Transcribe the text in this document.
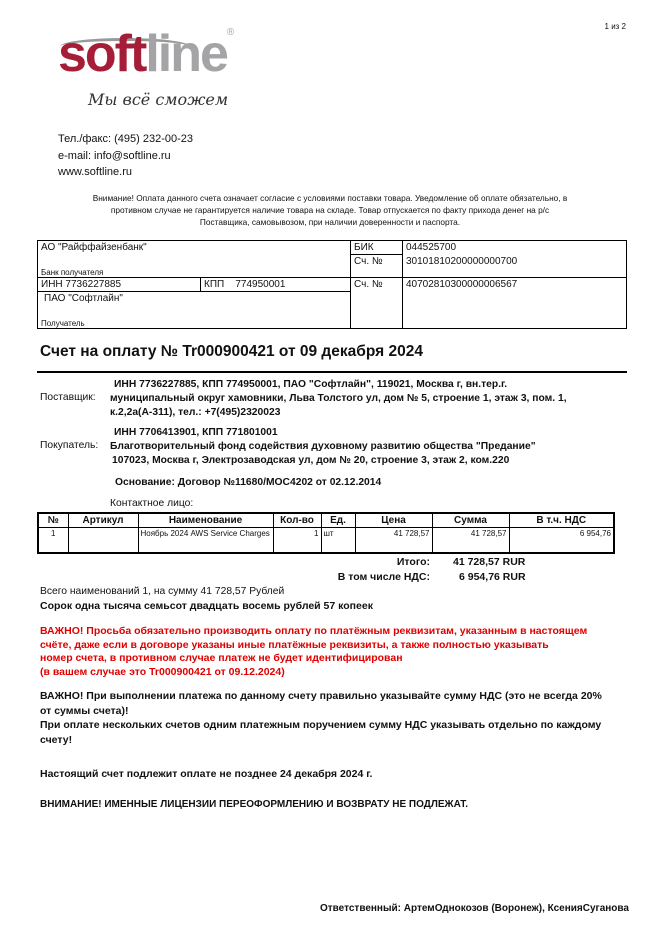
1 из 2
softline®
Мы всё сможем
Тел./факс: (495) 232-00-23
e-mail: info@softline.ru
www.softline.ru
Внимание! Оплата данного счета означает согласие с условиями поставки товара. Уведомление об оплате обязательно, в противном случае не гарантируется наличие товара на складе. Товар отпускается по факту прихода денег на р/с Поставщика, самовывозом, при наличии доверенности и паспорта.
АО "Райффайзенбанк"
Банк получателя		БИК	044525700
		Сч. №	30101810200000000700
ИНН 7736227885	КПП 774950001	Сч. №	40702810300000006567

ПАО "Софтлайн"
Получатель			
Счет на оплату № Tr000900421 от 09 декабря 2024
Поставщик:
ИНН 7736227885, КПП 774950001, ПАО "Софтлайн", 119021, Москва г, вн.тер.г.
муниципальный округ хамовники, Льва Толстого ул, дом № 5, строение 1, этаж 3, пом. 1,
к.2,2а(А-311), тел.: +7(495)2320023
Покупатель:
ИНН 7706413901, КПП 771801001
Благотворительный фонд содействия духовному развитию общества "Предание"
107023, Москва г, Электрозаводская ул, дом № 20, строение 3, этаж 2, ком.220
Основание: Договор №11680/MOC4202 от 02.12.2014
Контактное лицо:
№	Артикул	Наименование	Кол-во	Ед.	Цена	Сумма	В т.ч. НДС
1		Ноябрь 2024 AWS Service Charges	1	шт	41 728,57	41 728,57	6 954,76
Итого: 41 728,57 RUR
В том числе НДС:	6 954,76 RUR
Всего наименований 1, на сумму 41 728,57 Рублей
Сорок одна тысяча семьсот двадцать восемь рублей 57 копеек
ВАЖНО! Просьба обязательно производить оплату по платёжным реквизитам, указанным в настоящем
счёте, даже если в договоре указаны иные платёжные реквизиты, а также полностью указывать
номер счета, в противном случае платеж не будет идентифицирован
(в вашем случае это Tr000900421 от 09.12.2024)
ВАЖНО! При выполнении платежа по данному счету правильно указывайте сумму НДС (это не всегда 20%
от суммы счета)!
При оплате нескольких счетов одним платежным поручением сумму НДС указывать отдельно по каждому
счету!
Настоящий счет подлежит оплате не позднее 24 декабря 2024 г.
ВНИМАНИЕ! ИМЕННЫЕ ЛИЦЕНЗИИ ПЕРЕОФОРМЛЕНИЮ И ВОЗВРАТУ НЕ ПОДЛЕЖАТ.
Ответственный: АртемОднокозов (Воронеж), КсенияСуганова
